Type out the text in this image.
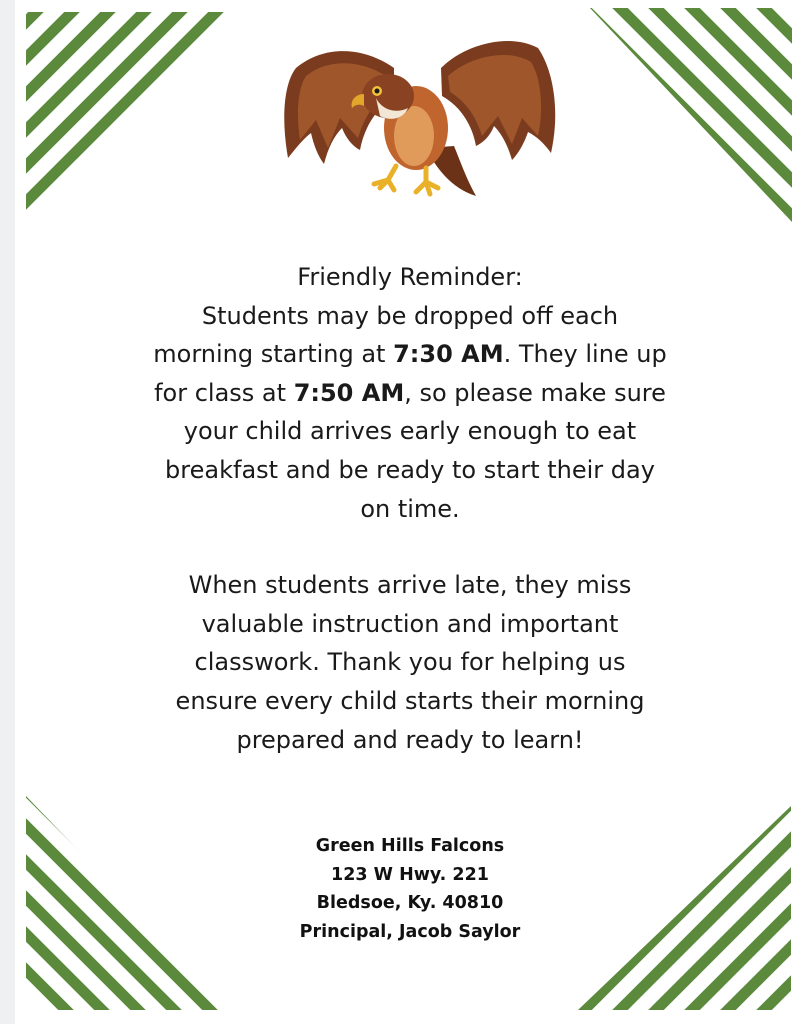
Friendly Reminder:

Students may be dropped off each

morning starting at 7:30 AM. They line up

for class at 7:50 AM, so please make sure

your child arrives early enough to eat

breakfast and be ready to start their day

on time.

When students arrive late, they miss

valuable instruction and important

classwork. Thank you for helping us

ensure every child starts their morning

prepared and ready to learn!

Green Hills Falcons
123 W Hwy. 221
Bledsoe, Ky. 40810
Principal, Jacob Saylor
